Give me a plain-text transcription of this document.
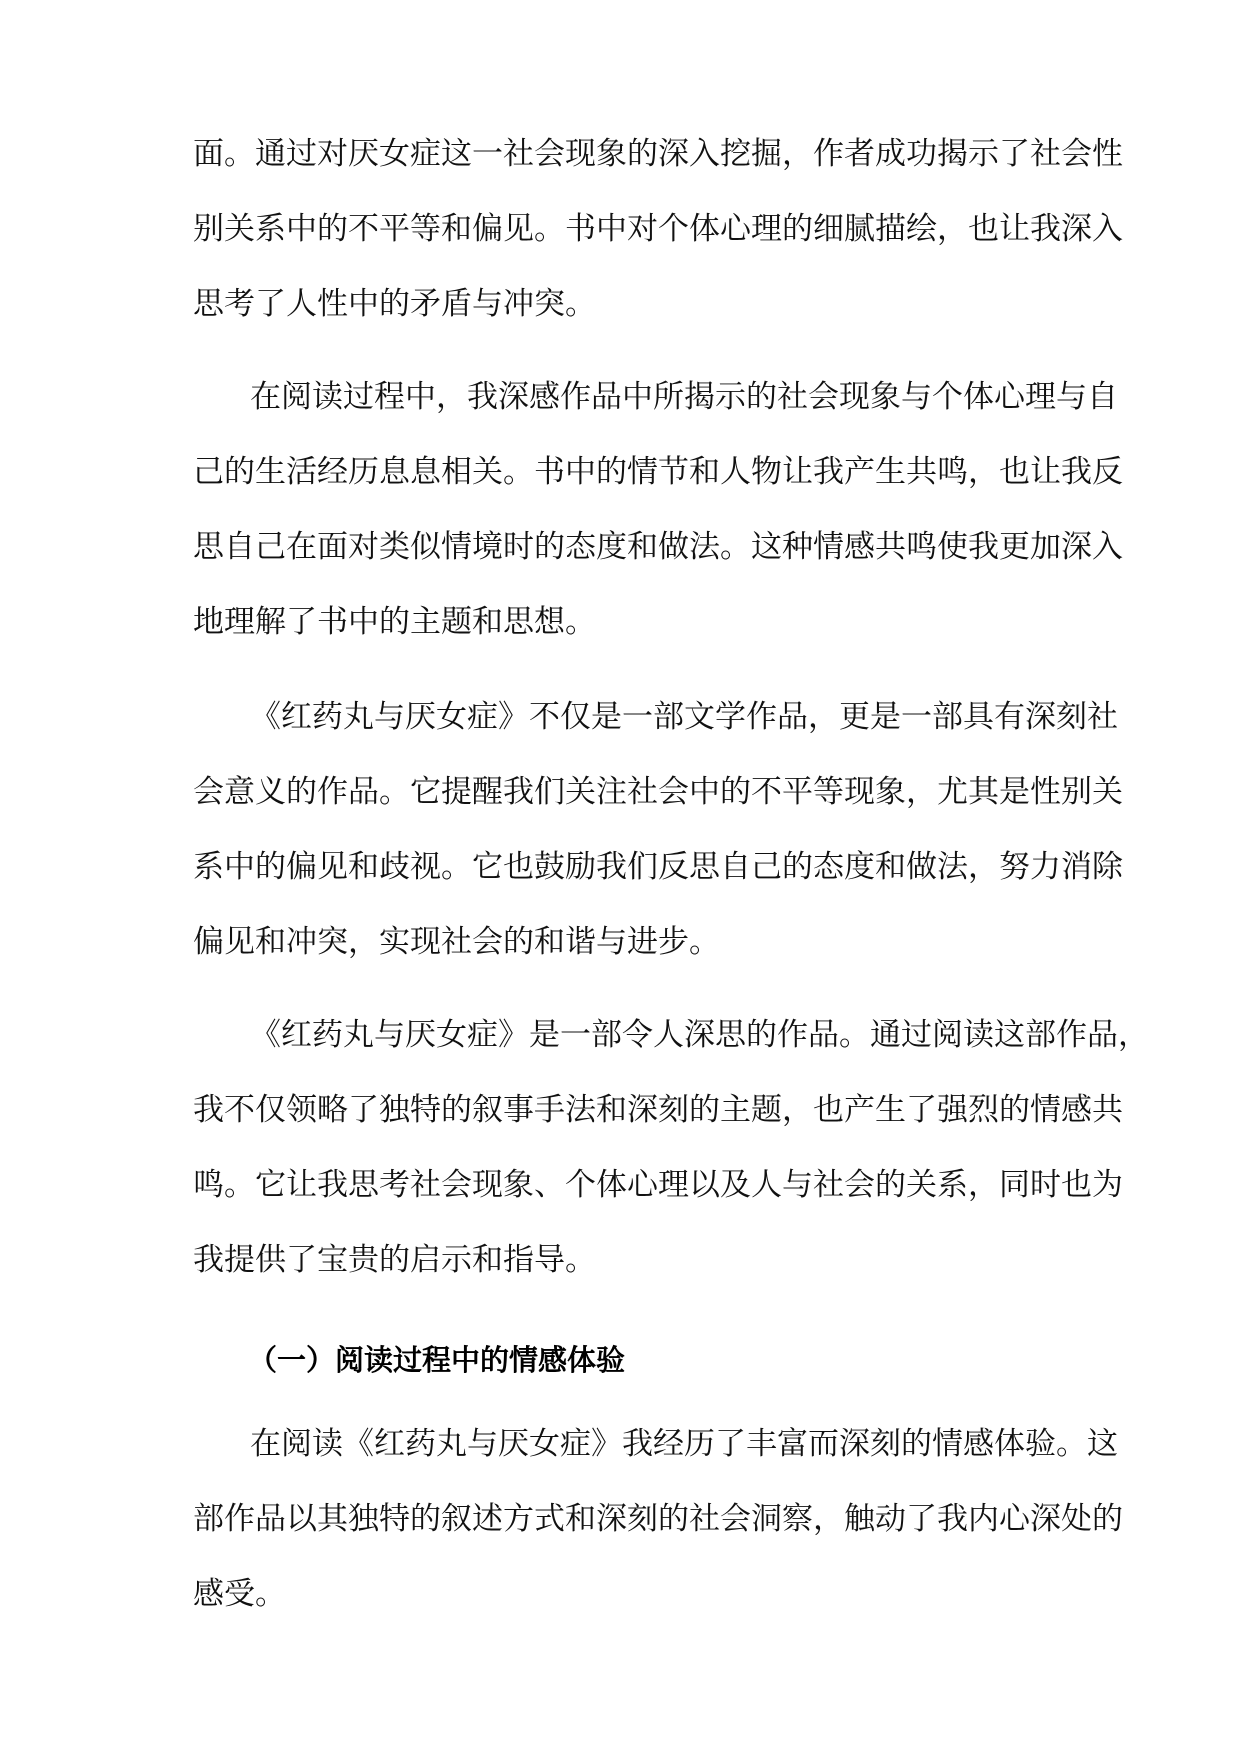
面。通过对厌女症这一社会现象的深入挖掘，作者成功揭示了社会性
别关系中的不平等和偏见。书中对个体心理的细腻描绘，也让我深入
思考了人性中的矛盾与冲突。
在阅读过程中，我深感作品中所揭示的社会现象与个体心理与自
己的生活经历息息相关。书中的情节和人物让我产生共鸣，也让我反
思自己在面对类似情境时的态度和做法。这种情感共鸣使我更加深入
地理解了书中的主题和思想。
《红药丸与厌女症》不仅是一部文学作品，更是一部具有深刻社
会意义的作品。它提醒我们关注社会中的不平等现象，尤其是性别关
系中的偏见和歧视。它也鼓励我们反思自己的态度和做法，努力消除
偏见和冲突，实现社会的和谐与进步。
《红药丸与厌女症》是一部令人深思的作品。通过阅读这部作品，
我不仅领略了独特的叙事手法和深刻的主题，也产生了强烈的情感共
鸣。它让我思考社会现象、个体心理以及人与社会的关系，同时也为
我提供了宝贵的启示和指导。
（一）阅读过程中的情感体验
在阅读《红药丸与厌女症》我经历了丰富而深刻的情感体验。这
部作品以其独特的叙述方式和深刻的社会洞察，触动了我内心深处的
感受。
